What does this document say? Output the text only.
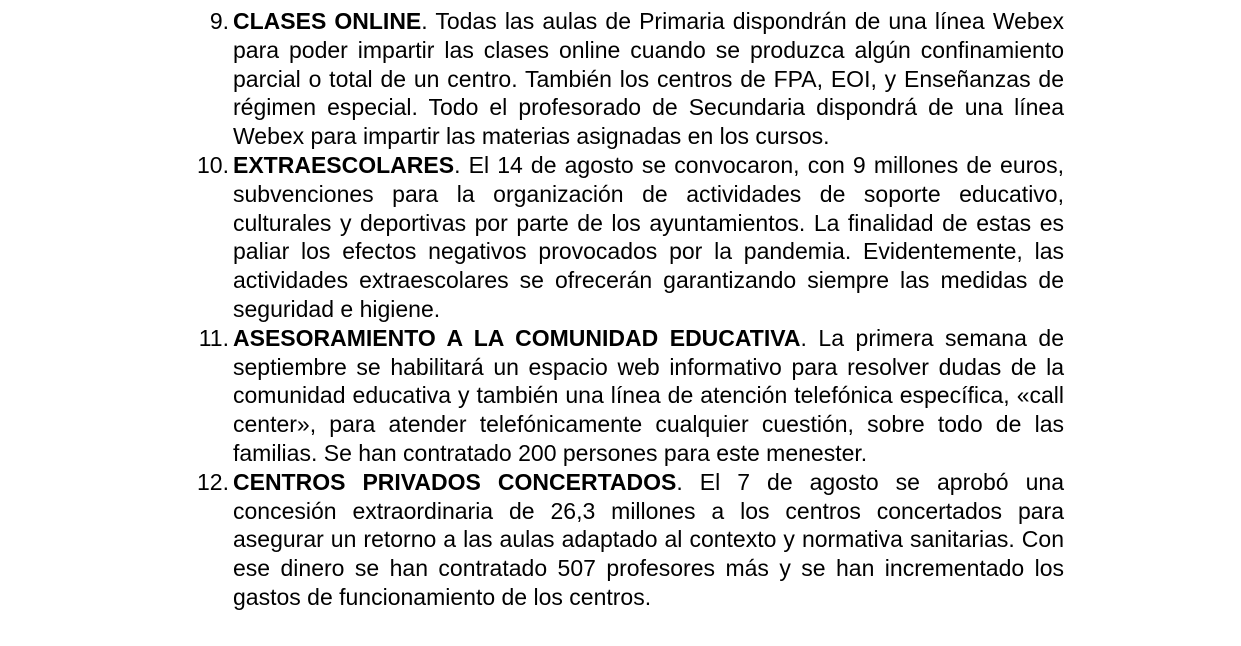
9. CLASES ONLINE. Todas las aulas de Primaria dispondrán de una línea Webex para poder impartir las clases online cuando se produzca algún confinamiento parcial o total de un centro. También los centros de FPA, EOI, y Enseñanzas de régimen especial. Todo el profesorado de Secundaria dispondrá de una línea Webex para impartir las materias asignadas en los cursos.
10. EXTRAESCOLARES. El 14 de agosto se convocaron, con 9 millones de euros, subvenciones para la organización de actividades de soporte educativo, culturales y deportivas por parte de los ayuntamientos. La finalidad de estas es paliar los efectos negativos provocados por la pandemia. Evidentemente, las actividades extraescolares se ofrecerán garantizando siempre las medidas de seguridad e higiene.
11. ASESORAMIENTO A LA COMUNIDAD EDUCATIVA. La primera semana de septiembre se habilitará un espacio web informativo para resolver dudas de la comunidad educativa y también una línea de atención telefónica específica, «call center», para atender telefónicamente cualquier cuestión, sobre todo de las familias. Se han contratado 200 persones para este menester.
12. CENTROS PRIVADOS CONCERTADOS. El 7 de agosto se aprobó una concesión extraordinaria de 26,3 millones a los centros concertados para asegurar un retorno a las aulas adaptado al contexto y normativa sanitarias. Con ese dinero se han contratado 507 profesores más y se han incrementado los gastos de funcionamiento de los centros.
